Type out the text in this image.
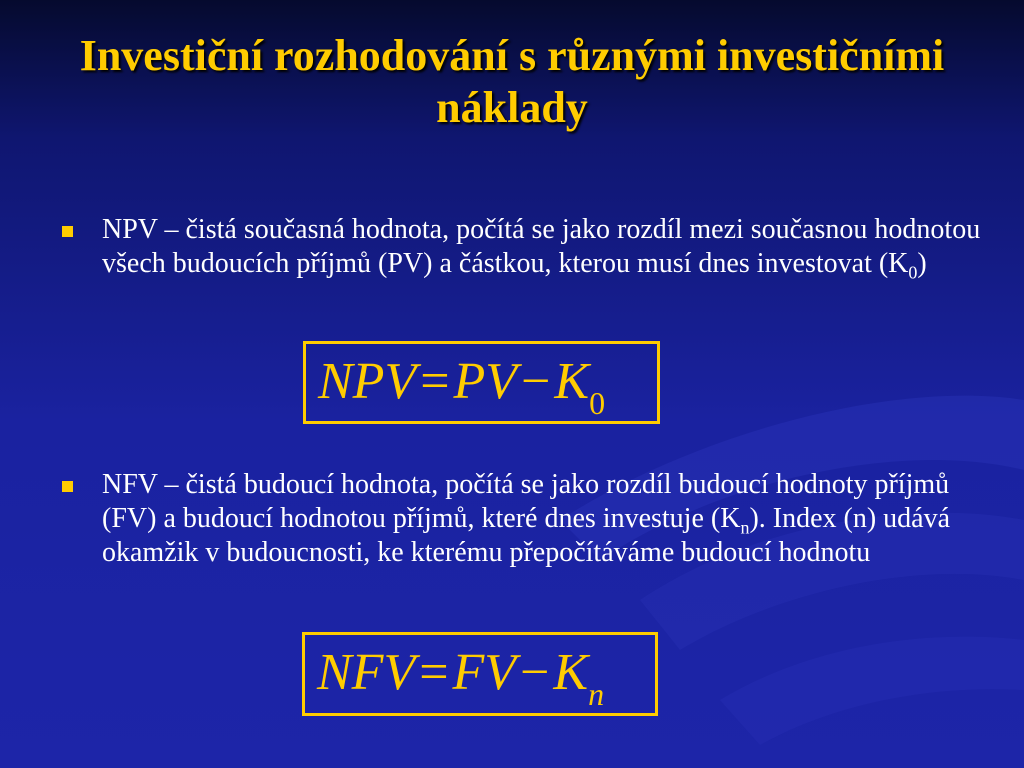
Investiční rozhodování s různými investičními náklady
NPV – čistá současná hodnota, počítá se jako rozdíl mezi současnou hodnotou všech budoucích příjmů (PV) a částkou, kterou musí dnes investovat $(K_0)$
$NPV=PV-K_0$
NFV – čistá budoucí hodnota, počítá se jako rozdíl budoucí hodnoty příjmů (FV) a budoucí hodnotou příjmů, které dnes investuje $(K_n)$. Index (n) udává okamžik v budoucnosti, ke kterému přepočítáváme budoucí hodnotu
$NFV=FV-K_n$
